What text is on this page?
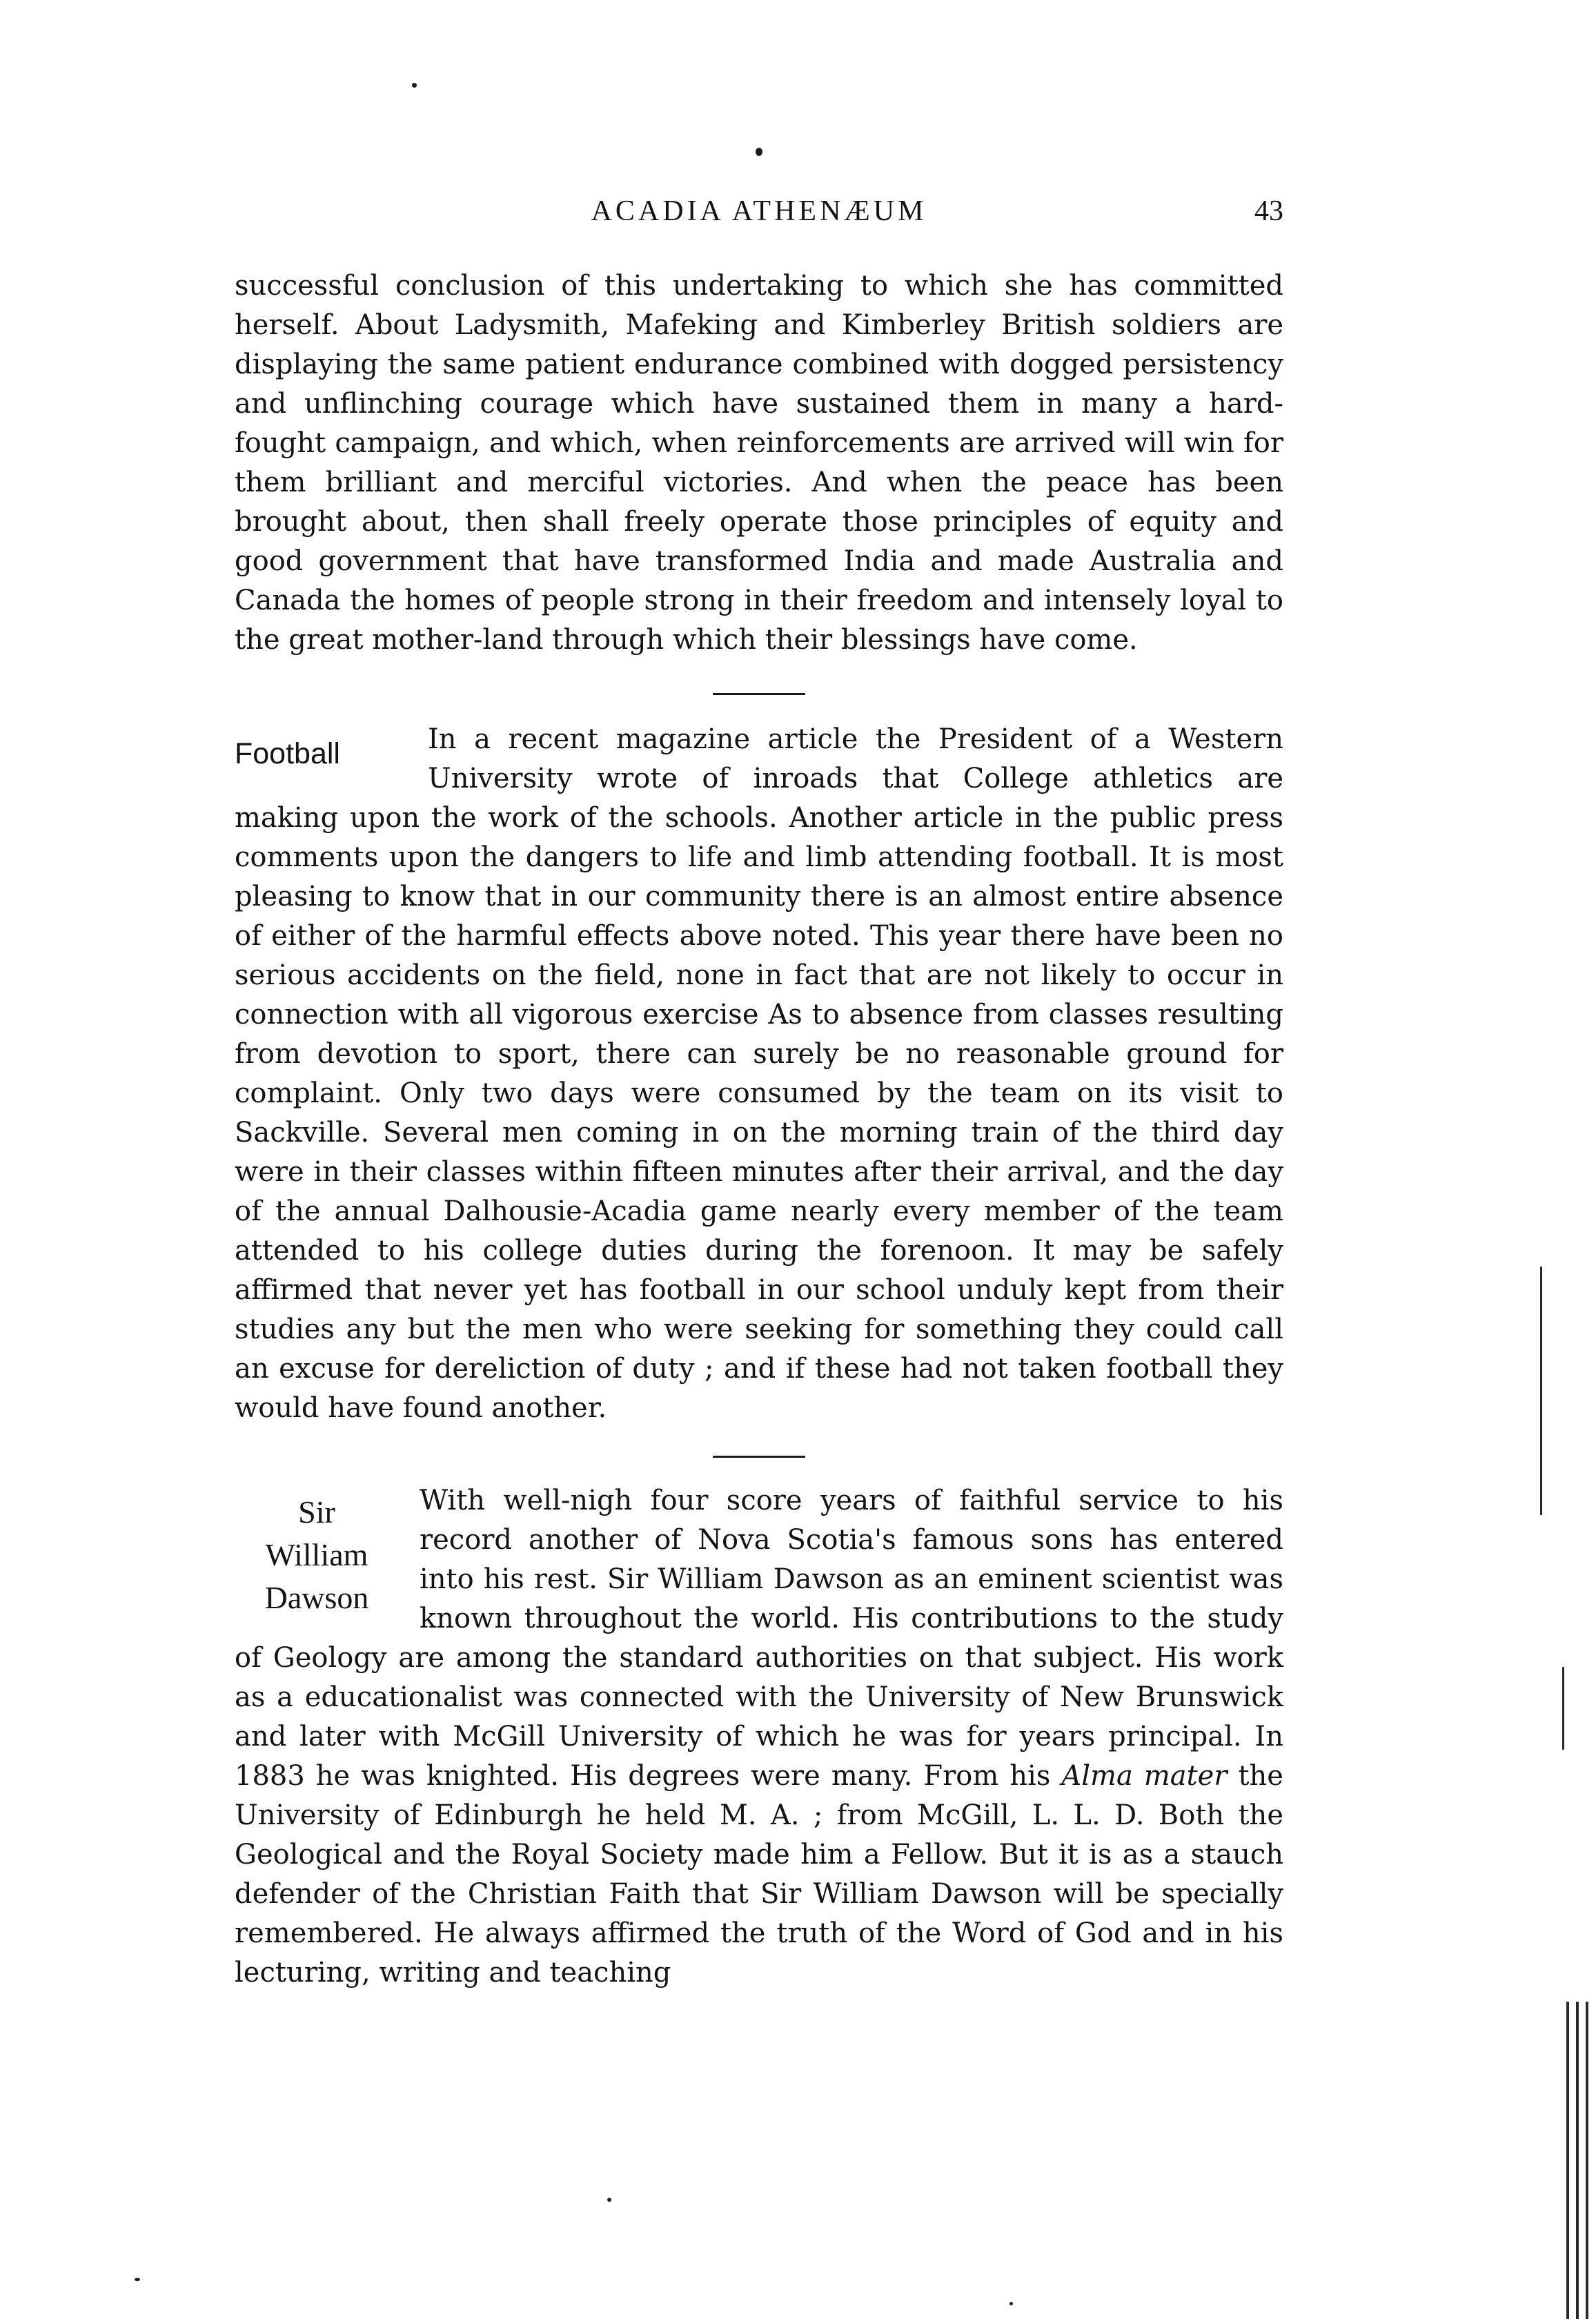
ACADIA ATHENÆUM	43

successful conclusion of this undertaking to which she has committed herself. About Ladysmith, Mafeking and Kimberley British soldiers are displaying the same patient endurance combined with dogged persistency and unflinching courage which have sustained them in many a hard-fought campaign, and which, when reinforcements are arrived will win for them brilliant and merciful victories. And when the peace has been brought about, then shall freely operate those principles of equity and good government that have transformed India and made Australia and Canada the homes of people strong in their freedom and intensely loyal to the great mother-land through which their blessings have come.

Football	In a recent magazine article the President of a Western University wrote of inroads that College athletics are making upon the work of the schools. Another article in the public press comments upon the dangers to life and limb attending football. It is most pleasing to know that in our community there is an almost entire absence of either of the harmful effects above noted. This year there have been no serious accidents on the field, none in fact that are not likely to occur in connection with all vigorous exercise As to absence from classes resulting from devotion to sport, there can surely be no reasonable ground for complaint. Only two days were consumed by the team on its visit to Sackville. Several men coming in on the morning train of the third day were in their classes within fifteen minutes after their arrival, and the day of the annual Dalhousie-Acadia game nearly every member of the team attended to his college duties during the forenoon. It may be safely affirmed that never yet has football in our school unduly kept from their studies any but the men who were seeking for something they could call an excuse for dereliction of duty ; and if these had not taken football they would have found another.

Sir
William
Dawson

With well-nigh four score years of faithful service to his record another of Nova Scotia's famous sons has entered into his rest. Sir William Dawson as an eminent scientist was known throughout the world. His contributions to the study of Geology are among the standard authorities on that subject. His work as a educationalist was connected with the University of New Brunswick and later with McGill University of which he was for years principal. In 1883 he was knighted. His degrees were many. From his Alma mater the University of Edinburgh he held M. A. ; from McGill, L. L. D. Both the Geological and the Royal Society made him a Fellow. But it is as a stauch defender of the Christian Faith that Sir William Dawson will be specially remembered. He always affirmed the truth of the Word of God and in his lecturing, writing and teaching
